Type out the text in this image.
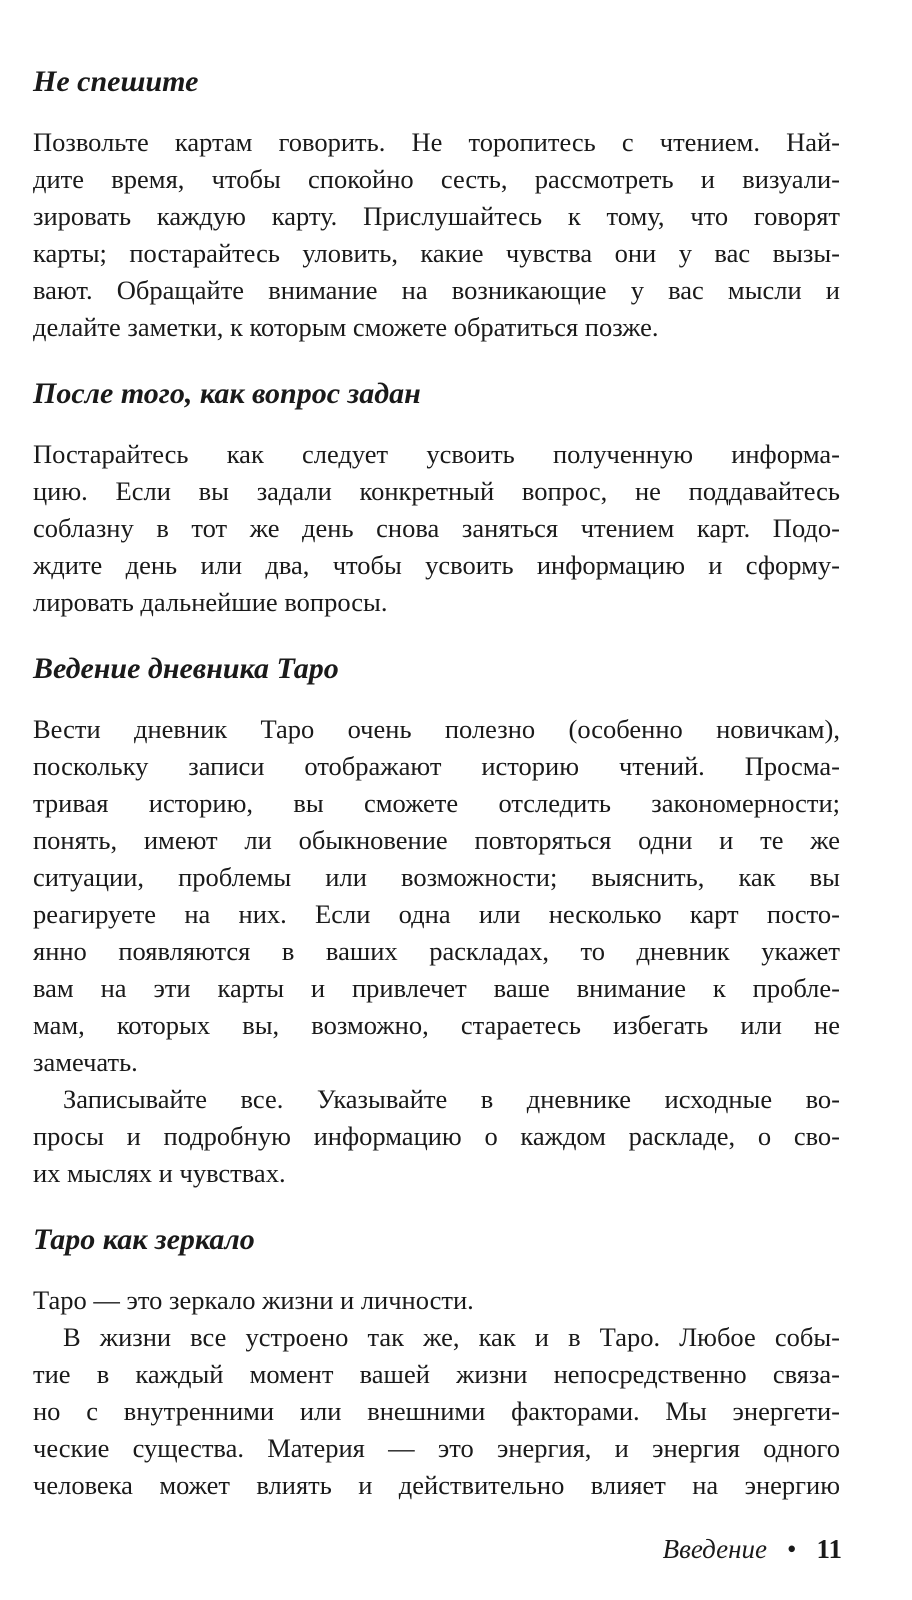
Не спешите
Позвольте картам говорить. Не торопитесь с чтением. Най-
дите время, чтобы спокойно сесть, рассмотреть и визуали-
зировать каждую карту. Прислушайтесь к тому, что говорят
карты; постарайтесь уловить, какие чувства они у вас вызы-
вают. Обращайте внимание на возникающие у вас мысли и
делайте заметки, к которым сможете обратиться позже.
После того, как вопрос задан
Постарайтесь как следует усвоить полученную информа-
цию. Если вы задали конкретный вопрос, не поддавайтесь
соблазну в тот же день снова заняться чтением карт. Подо-
ждите день или два, чтобы усвоить информацию и сформу-
лировать дальнейшие вопросы.
Ведение дневника Таро
Вести дневник Таро очень полезно (особенно новичкам),
поскольку записи отображают историю чтений. Просма-
тривая историю, вы сможете отследить закономерности;
понять, имеют ли обыкновение повторяться одни и те же
ситуации, проблемы или возможности; выяснить, как вы
реагируете на них. Если одна или несколько карт посто-
янно появляются в ваших раскладах, то дневник укажет
вам на эти карты и привлечет ваше внимание к пробле-
мам, которых вы, возможно, стараетесь избегать или не
замечать.
Записывайте все. Указывайте в дневнике исходные во-
просы и подробную информацию о каждом раскладе, о сво-
их мыслях и чувствах.
Таро как зеркало
Таро — это зеркало жизни и личности.
В жизни все устроено так же, как и в Таро. Любое собы-
тие в каждый момент вашей жизни непосредственно связа-
но с внутренними или внешними факторами. Мы энергети-
ческие существа. Материя — это энергия, и энергия одного
человека может влиять и действительно влияет на энергию
Введение • 11
